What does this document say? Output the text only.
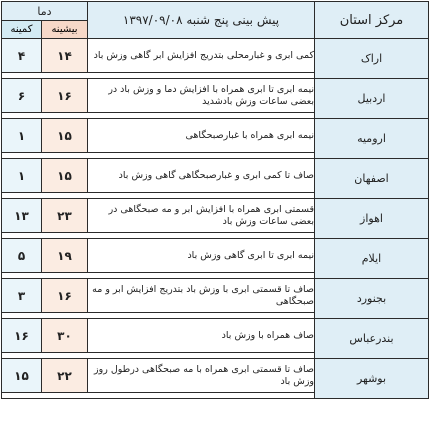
مرکز استان	پیش بینی پنج شنبه ۱۳۹۷/۰۹/۰۸	دما	
		بیشینه	کمینه
اراک	کمی ابری و غبارمحلی بتدریج افزایش ابر گاهی وزش باد	۱۴	۴

اردبیل	نیمه ابری تا ابری همراه با افزایش دما و وزش باد در بعضی ساعات وزش بادشدید	۱۶	۶

ارومیه	نیمه ابری همراه با غبارصبحگاهی	۱۵	۱

اصفهان	صاف تا کمی ابری و غبارصبحگاهی گاهی وزش باد	۱۵	۱

اهواز	قسمتی ابری همراه با افزایش ابر و مه صبحگاهی در بعضی ساعات وزش باد	۲۳	۱۳

ایلام	نیمه ابری تا ابری گاهی وزش باد	۱۹	۵

بجنورد	صاف تا قسمتی ابری با وزش باد بتدریج افزایش ابر و مه صبحگاهی	۱۶	۳

بندرعباس	صاف همراه با وزش باد	۳۰	۱۶

بوشهر	صاف تا قسمتی ابری همراه با مه صبحگاهی درطول روز وزش باد	۲۲	۱۵
